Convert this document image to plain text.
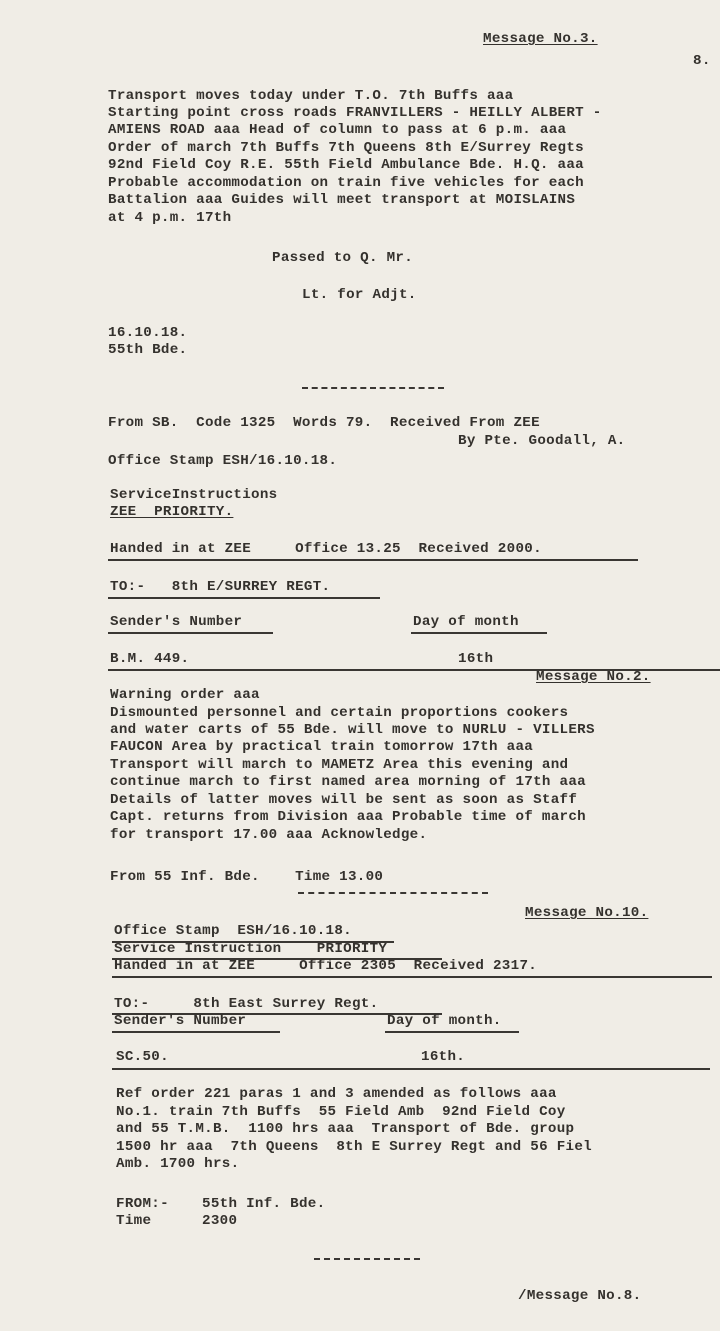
Message No.3.
8.
Transport moves today under T.O. 7th Buffs aaa
Starting point cross roads FRANVILLERS - HEILLY ALBERT -
AMIENS ROAD aaa Head of column to pass at 6 p.m. aaa
Order of march 7th Buffs 7th Queens 8th E/Surrey Regts
92nd Field Coy R.E. 55th Field Ambulance Bde. H.Q. aaa
Probable accommodation on train five vehicles for each
Battalion aaa Guides will meet transport at MOISLAINS
at 4 p.m. 17th
Passed to Q. Mr.
Lt. for Adjt.
16.10.18.
55th Bde.
From SB.  Code 1325  Words 79.  Received From ZEE
By Pte. Goodall, A.
Office Stamp ESH/16.10.18.
ServiceInstructions
ZEE  PRIORITY.
Handed in at ZEE     Office 13.25  Received 2000.
TO:-   8th E/SURREY REGT.
Sender's Number	Day of month
B.M. 449.	16th
Message No.2.
Warning order aaa
Dismounted personnel and certain proportions cookers
and water carts of 55 Bde. will move to NURLU - VILLERS
FAUCON Area by practical train tomorrow 17th aaa
Transport will march to MAMETZ Area this evening and
continue march to first named area morning of 17th aaa
Details of latter moves will be sent as soon as Staff
Capt. returns from Division aaa Probable time of march
for transport 17.00 aaa Acknowledge.
From 55 Inf. Bde.    Time 13.00
Message No.10.
Office Stamp  ESH/16.10.18.
Service Instruction    PRIORITY
Handed in at ZEE     Office 2305  Received 2317.
TO:-     8th East Surrey Regt.
Sender's Number	Day of month.
SC.50.	16th.
Ref order 221 paras 1 and 3 amended as follows aaa
No.1. train 7th Buffs  55 Field Amb  92nd Field Coy
and 55 T.M.B.  1100 hrs aaa  Transport of Bde. group
1500 hr aaa  7th Queens  8th E Surrey Regt and 56 Fiel
Amb. 1700 hrs.
FROM:- 55th Inf. Bde.
Time	2300
/Message No.8.
